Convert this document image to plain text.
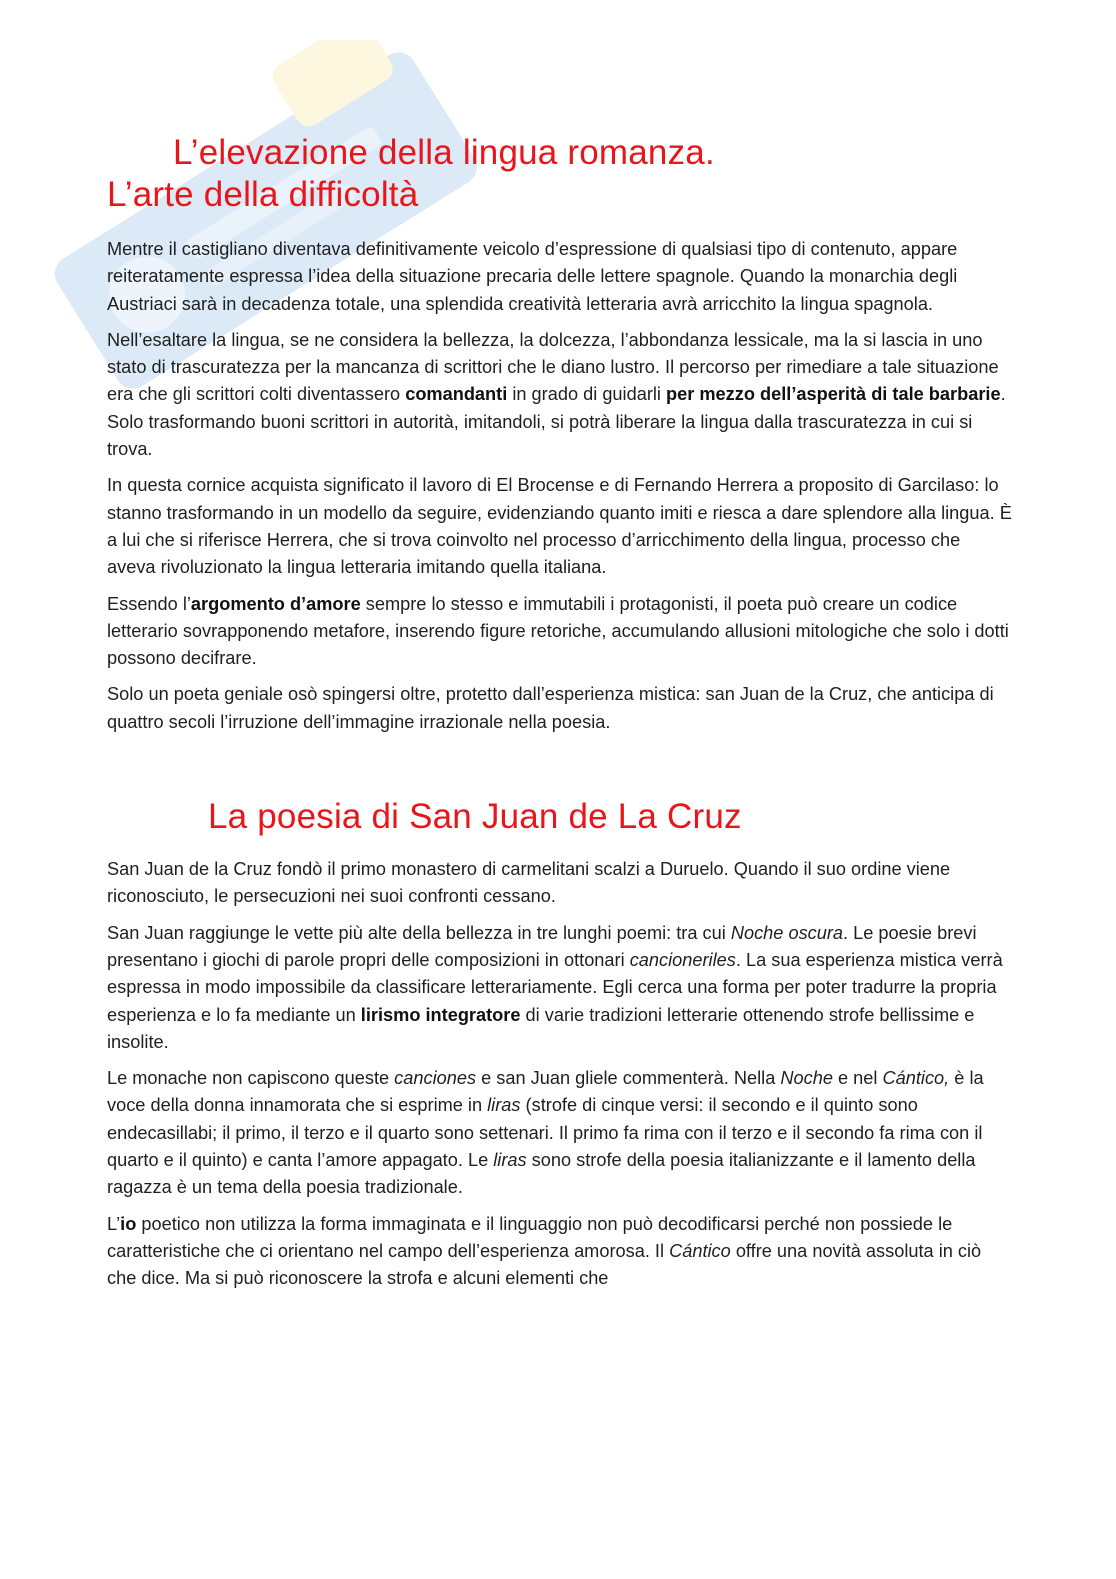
L’elevazione della lingua romanza.
L’arte della difficoltà

Mentre il castigliano diventava definitivamente veicolo d’espressione di qualsiasi tipo di contenuto, appare reiteratamente espressa l’idea della situazione precaria delle lettere spagnole. Quando la monarchia degli Austriaci sarà in decadenza totale, una splendida creatività letteraria avrà arricchito la lingua spagnola.

Nell’esaltare la lingua, se ne considera la bellezza, la dolcezza, l’abbondanza lessicale, ma la si lascia in uno stato di trascuratezza per la mancanza di scrittori che le diano lustro. Il percorso per rimediare a tale situazione era che gli scrittori colti diventassero comandanti in grado di guidarli per mezzo dell’asperità di tale barbarie. Solo trasformando buoni scrittori in autorità, imitandoli, si potrà liberare la lingua dalla trascuratezza in cui si trova.

In questa cornice acquista significato il lavoro di El Brocense e di Fernando Herrera a proposito di Garcilaso: lo stanno trasformando in un modello da seguire, evidenziando quanto imiti e riesca a dare splendore alla lingua. È a lui che si riferisce Herrera, che si trova coinvolto nel processo d’arricchimento della lingua, processo che aveva rivoluzionato la lingua letteraria imitando quella italiana.

Essendo l’argomento d’amore sempre lo stesso e immutabili i protagonisti, il poeta può creare un codice letterario sovrapponendo metafore, inserendo figure retoriche, accumulando allusioni mitologiche che solo i dotti possono decifrare.

Solo un poeta geniale osò spingersi oltre, protetto dall’esperienza mistica: san Juan de la Cruz, che anticipa di quattro secoli l’irruzione dell’immagine irrazionale nella poesia.

La poesia di San Juan de La Cruz

San Juan de la Cruz fondò il primo monastero di carmelitani scalzi a Duruelo. Quando il suo ordine viene riconosciuto, le persecuzioni nei suoi confronti cessano.

San Juan raggiunge le vette più alte della bellezza in tre lunghi poemi: tra cui Noche oscura. Le poesie brevi presentano i giochi di parole propri delle composizioni in ottonari cancioneriles. La sua esperienza mistica verrà espressa in modo impossibile da classificare letterariamente. Egli cerca una forma per poter tradurre la propria esperienza e lo fa mediante un lirismo integratore di varie tradizioni letterarie ottenendo strofe bellissime e insolite.

Le monache non capiscono queste canciones e san Juan gliele commenterà. Nella Noche e nel Cántico, è la voce della donna innamorata che si esprime in liras (strofe di cinque versi: il secondo e il quinto sono endecasillabi; il primo, il terzo e il quarto sono settenari. Il primo fa rima con il terzo e il secondo fa rima con il quarto e il quinto) e canta l’amore appagato. Le liras sono strofe della poesia italianizzante e il lamento della ragazza è un tema della poesia tradizionale.

L’io poetico non utilizza la forma immaginata e il linguaggio non può decodificarsi perché non possiede le caratteristiche che ci orientano nel campo dell’esperienza amorosa. Il Cántico offre una novità assoluta in ciò che dice. Ma si può riconoscere la strofa e alcuni elementi che
